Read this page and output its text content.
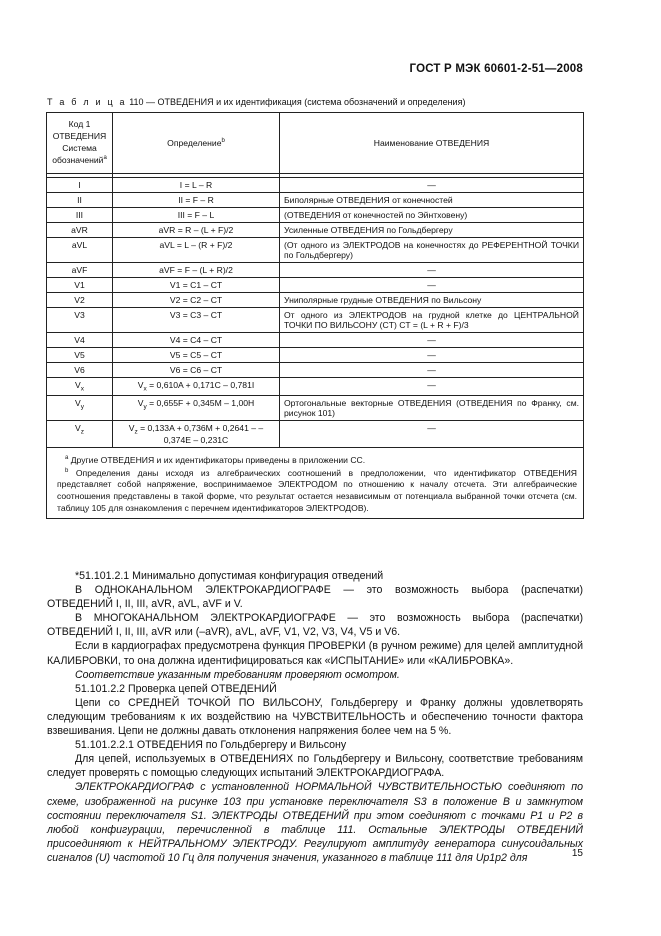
ГОСТ Р МЭК 60601-2-51—2008
Т а б л и ц а 110 — ОТВЕДЕНИЯ и их идентификация (система обозначений и определения)
Код 1 ОТВЕДЕНИЯ Система обозначений$^a$	Определение$^b$	Наименование ОТВЕДЕНИЯ

I	I = L – R	—
II	II = F – R	Биполярные ОТВЕДЕНИЯ от конечностей
III	III = F – L	(ОТВЕДЕНИЯ от конечностей по Эйнтховену)
aVR	aVR = R – (L + F)/2	Усиленные ОТВЕДЕНИЯ по Гольдбергеру
aVL	aVL = L – (R + F)/2	(От одного из ЭЛЕКТРОДОВ на конечностях до РЕФЕРЕНТНОЙ ТОЧКИ по Гольдбергеру)
aVF	aVF = F – (L + R)/2	—
V1	V1 = C1 – CT	—
V2	V2 = C2 – CT	Униполярные грудные ОТВЕДЕНИЯ по Вильсону
V3	V3 = C3 – CT	От одного из ЭЛЕКТРОДОВ на грудной клетке до ЦЕНТРАЛЬНОЙ ТОЧКИ ПО ВИЛЬСОНУ (CT) CT = (L + R + F)/3
V4	V4 = C4 – CT	—
V5	V5 = C5 – CT	—
V6	V6 = C6 – CT	—
$V_x$	$V_x = 0,610A + 0,171C - 0,781I$	—
$V_y$	$V_y = 0,655F + 0,345M - 1,00H$	Ортогональные векторные ОТВЕДЕНИЯ (ОТВЕДЕНИЯ по Франку, см. рисунок 101)
$V_z$	$V_z = 0,133A + 0,736M + 0,2641$ – – 0,374E – 0,231C	—

$^a$ Другие ОТВЕДЕНИЯ и их идентификаторы приведены в приложении СС.
$^b$ Определения даны исходя из алгебраических соотношений в предположении, что идентификатор ОТВЕДЕНИЯ представляет собой напряжение, воспринимаемое ЭЛЕКТРОДОМ по отношению к началу отсчета. Эти алгебраические соотношения представлены в такой форме, что результат остается независимым от потенциала выбранной точки отсчета (см. таблицу 105 для ознакомления с перечнем идентификаторов ЭЛЕКТРОДОВ).		

*51.101.2.1 Минимально допустимая конфигурация отведений

В ОДНОКАНАЛЬНОМ ЭЛЕКТРОКАРДИОГРАФЕ — это возможность выбора (распечатки) ОТВЕДЕНИЙ I, II, III, aVR, aVL, aVF и V.

В МНОГОКАНАЛЬНОМ ЭЛЕКТРОКАРДИОГРАФЕ — это возможность выбора (распечатки) ОТВЕДЕНИЙ I, II, III, aVR или (–aVR), aVL, aVF, V1, V2, V3, V4, V5 и V6.

Если в кардиографах предусмотрена функция ПРОВЕРКИ (в ручном режиме) для целей амплитудной КАЛИБРОВКИ, то она должна идентифицироваться как «ИСПЫТАНИЕ» или «КАЛИБРОВКА».

Соответствие указанным требованиям проверяют осмотром.

51.101.2.2 Проверка цепей ОТВЕДЕНИЙ

Цепи со СРЕДНЕЙ ТОЧКОЙ ПО ВИЛЬСОНУ, Гольдбергеру и Франку должны удовлетворять следующим требованиям к их воздействию на ЧУВСТВИТЕЛЬНОСТЬ и обеспечению точности фактора взвешивания. Цепи не должны давать отклонения напряжения более чем на 5 %.

51.101.2.2.1 ОТВЕДЕНИЯ по Гольдбергеру и Вильсону

Для цепей, используемых в ОТВЕДЕНИЯХ по Гольдбергеру и Вильсону, соответствие требованиям следует проверять с помощью следующих испытаний ЭЛЕКТРОКАРДИОГРАФА.

ЭЛЕКТРОКАРДИОГРАФ с установленной НОРМАЛЬНОЙ ЧУВСТВИТЕЛЬНОСТЬЮ соединяют по схеме, изображенной на рисунке 103 при установке переключателя S3 в положение B и замкнутом состоянии переключателя S1. ЭЛЕКТРОДЫ ОТВЕДЕНИЙ при этом соединяют с точками P1 и P2 в любой конфигурации, перечисленной в таблице 111. Остальные ЭЛЕКТРОДЫ ОТВЕДЕНИЙ присоединяют к НЕЙТРАЛЬНОМУ ЭЛЕКТРОДУ. Регулируют амплитуду генератора синусоидальных сигналов (U) частотой 10 Гц для получения значения, указанного в таблице 111 для Up1p2 для	15
